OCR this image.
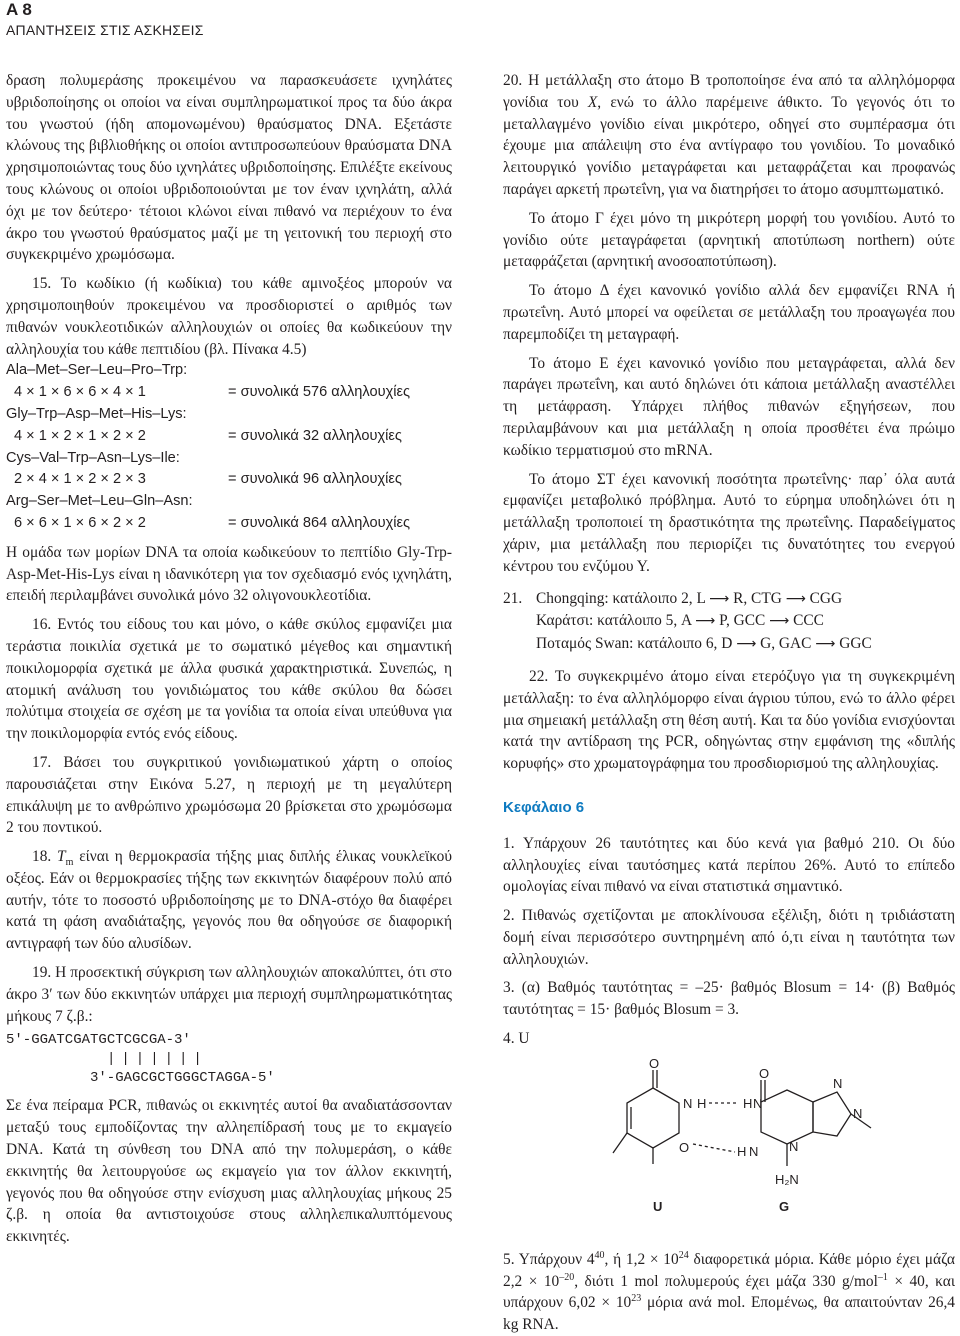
A 8
ΑΠΑΝΤΗΣΕΙΣ ΣΤΙΣ ΑΣΚΗΣΕΙΣ

δραση πολυμεράσης προκειμένου να παρασκευάσετε ιχνηλάτες υβριδοποίησης οι οποίοι να είναι συμπληρωματικοί προς τα δύο άκρα του γνωστού (ήδη απομονωμένου) θραύσματος DNA. Εξετάστε κλώνους της βιβλιοθήκης οι οποίοι αντιπροσωπεύουν θραύσματα DNA χρησιμοποιώντας τους δύο ιχνηλάτες υβριδοποίησης. Επιλέξτε εκείνους τους κλώνους οι οποίοι υβριδοποιούνται με τον έναν ιχνηλάτη, αλλά όχι με τον δεύτερο· τέτοιοι κλώνοι είναι πιθανό να περιέχουν το ένα άκρο του γνωστού θραύσματος μαζί με τη γειτονική του περιοχή στο συγκεκριμένο χρωμόσωμα.

15. Το κωδίκιο (ή κωδίκια) του κάθε αμινοξέος μπορούν να χρησιμοποιηθούν προκειμένου να προσδιοριστεί ο αριθμός των πιθανών νουκλεοτιδικών αλληλουχιών οι οποίες θα κωδικεύουν την αλληλουχία του κάθε πεπτιδίου (βλ. Πίνακα 4.5)

Ala–Met–Ser–Leu–Pro–Trp:
4 × 1 × 6 × 6 × 4 × 1	= συνολικά 576 αλληλουχίες
Gly–Trp–Asp–Met–His–Lys:
4 × 1 × 2 × 1 × 2 × 2	= συνολικά 32 αλληλουχίες
Cys–Val–Trp–Asn–Lys–Ile:
2 × 4 × 1 × 2 × 2 × 3	= συνολικά 96 αλληλουχίες
Arg–Ser–Met–Leu–Gln–Asn:
6 × 6 × 1 × 6 × 2 × 2	= συνολικά 864 αλληλουχίες

Η ομάδα των μορίων DNA τα οποία κωδικεύουν το πεπτίδιο Gly-Trp-Asp-Met-His-Lys είναι η ιδανικότερη για τον σχεδιασμό ενός ιχνηλάτη, επειδή περιλαμβάνει συνολικά μόνο 32 ολιγονουκλεοτίδια.

16. Εντός του είδους του και μόνο, ο κάθε σκύλος εμφανίζει μια τεράστια ποικιλία σχετικά με το σωματικό μέγεθος και σημαντική ποικιλομορφία σχετικά με άλλα φυσικά χαρακτηριστικά. Συνεπώς, η ατομική ανάλυση του γονιδιώματος του κάθε σκύλου θα δώσει πολύτιμα στοιχεία σε σχέση με τα γονίδια τα οποία είναι υπεύθυνα για την ποικιλομορφία εντός ενός είδους.

17. Βάσει του συγκριτικού γονιδιωματικού χάρτη ο οποίος παρουσιάζεται στην Εικόνα 5.27, η περιοχή με τη μεγαλύτερη επικάλυψη με το ανθρώπινο χρωμόσωμα 20 βρίσκεται στο χρωμόσωμα 2 του ποντικού.

18. $T_m$ είναι η θερμοκρασία τήξης μιας διπλής έλικας νουκλεϊκού οξέος. Εάν οι θερμοκρασίες τήξης των εκκινητών διαφέρουν πολύ από αυτήν, τότε το ποσοστό υβριδοποίησης με το DNA-στόχο θα διαφέρει κατά τη φάση αναδιάταξης, γεγονός που θα οδηγούσε σε διαφορική αντιγραφή των δύο αλυσίδων.

19. Η προσεκτική σύγκριση των αλληλουχιών αποκαλύπτει, ότι στο άκρο 3′ των δύο εκκινητών υπάρχει μια περιοχή συμπληρωματικότητας μήκους 7 ζ.β.:

5′-GGATCGATGCTCGCGA-3′
|||||||
3′-GAGCGCTGGGCTAGGA-5′

Σε ένα πείραμα PCR, πιθανώς οι εκκινητές αυτοί θα αναδιατάσσονταν μεταξύ τους εμποδίζοντας την αλληεπίδρασή τους με το εκμαγείο DNA. Κατά τη σύνθεση του DNA από την πολυμεράση, ο κάθε εκκινητής θα λειτουργούσε ως εκμαγείο για τον άλλον εκκινητή, γεγονός που θα οδηγούσε στην ενίσχυση μιας αλληλουχίας μήκους 25 ζ.β. η οποία θα αντιστοιχούσε στους αλληλεπικαλυπτόμενους εκκινητές.

20. Η μετάλλαξη στο άτομο Β τροποποίησε ένα από τα αλληλόμορφα γονίδια του X, ενώ το άλλο παρέμεινε άθικτο. Το γεγονός ότι το μεταλλαγμένο γονίδιο είναι μικρότερο, οδηγεί στο συμπέρασμα ότι έχουμε μια απάλειψη στο ένα αντίγραφο του γονιδίου. Το μοναδικό λειτουργικό γονίδιο μεταγράφεται και μεταφράζεται και προφανώς παράγει αρκετή πρωτεΐνη, για να διατηρήσει το άτομο ασυμπτωματικό.

Το άτομο Γ έχει μόνο τη μικρότερη μορφή του γονιδίου. Αυτό το γονίδιο ούτε μεταγράφεται (αρνητική αποτύπωση northern) ούτε μεταφράζεται (αρνητική ανοσοαποτύπωση).

Το άτομο Δ έχει κανονικό γονίδιο αλλά δεν εμφανίζει RNA ή πρωτεΐνη. Αυτό μπορεί να οφείλεται σε μετάλλαξη του προαγωγέα που παρεμποδίζει τη μεταγραφή.

Το άτομο Ε έχει κανονικό γονίδιο που μεταγράφεται, αλλά δεν παράγει πρωτεΐνη, και αυτό δηλώνει ότι κάποια μετάλλαξη αναστέλλει τη μετάφραση. Υπάρχει πλήθος πιθανών εξηγήσεων, που περιλαμβάνουν και μια μετάλλαξη η οποία προσθέτει ένα πρώιμο κωδίκιο τερματισμού στο mRNA.

Το άτομο ΣΤ έχει κανονική ποσότητα πρωτεΐνης· παρ᾽ όλα αυτά εμφανίζει μεταβολικό πρόβλημα. Αυτό το εύρημα υποδηλώνει ότι η μετάλλαξη τροποποιεί τη δραστικότητα της πρωτεΐνης. Παραδείγματος χάριν, μια μετάλλαξη που περιορίζει τις δυνατότητες του ενεργού κέντρου του ενζύμου Υ.

21. Chongqing: κατάλοιπο 2, L ⟶ R, CTG ⟶ CGG
Καράτσι: κατάλοιπο 5, A ⟶ P, GCC ⟶ CCC
Ποταμός Swan: κατάλοιπο 6, D ⟶ G, GAC ⟶ GGC

22. Το συγκεκριμένο άτομο είναι ετερόζυγο για τη συγκεκριμένη μετάλλαξη: το ένα αλληλόμορφο είναι άγριου τύπου, ενώ το άλλο φέρει μια σημειακή μετάλλαξη στη θέση αυτή. Και τα δύο γονίδια ενισχύονται κατά την αντίδραση της PCR, οδηγώντας στην εμφάνιση της «διπλής κορυφής» στο χρωματογράφημα του προσδιορισμού της αλληλουχίας.

Κεφάλαιο 6

1. Υπάρχουν 26 ταυτότητες και δύο κενά για βαθμό 210. Οι δύο αλληλουχίες είναι ταυτόσημες κατά περίπου 26%. Αυτό το επίπεδο ομολογίας είναι πιθανό να είναι στατιστικά σημαντικό.

2. Πιθανώς σχετίζονται με αποκλίνουσα εξέλιξη, διότι η τριδιάστατη δομή είναι περισσότερο συντηρημένη από ό,τι είναι η ταυτότητα των αλληλουχιών.

3. (α) Βαθμός ταυτότητας = –25· βαθμός Blosum = 14· (β) Βαθμός ταυτότητας = 15· βαθμός Blosum = 3.

4. U

O
N H
O
O
H N
H N
N
N
N
H₂N
U	G

5. Υπάρχουν $4^{40}$, ή $1,2 \times 10^{24}$ διαφορετικά μόρια. Κάθε μόριο έχει μάζα $2,2 \times 10^{-20}$, διότι 1 mol πολυμερούς έχει μάζα 330 g/mol$^{-1}$ × 40, και υπάρχουν $6,02 \times 10^{23}$ μόρια ανά mol. Επομένως, θα απαιτούνταν 26,4 kg RNA.
